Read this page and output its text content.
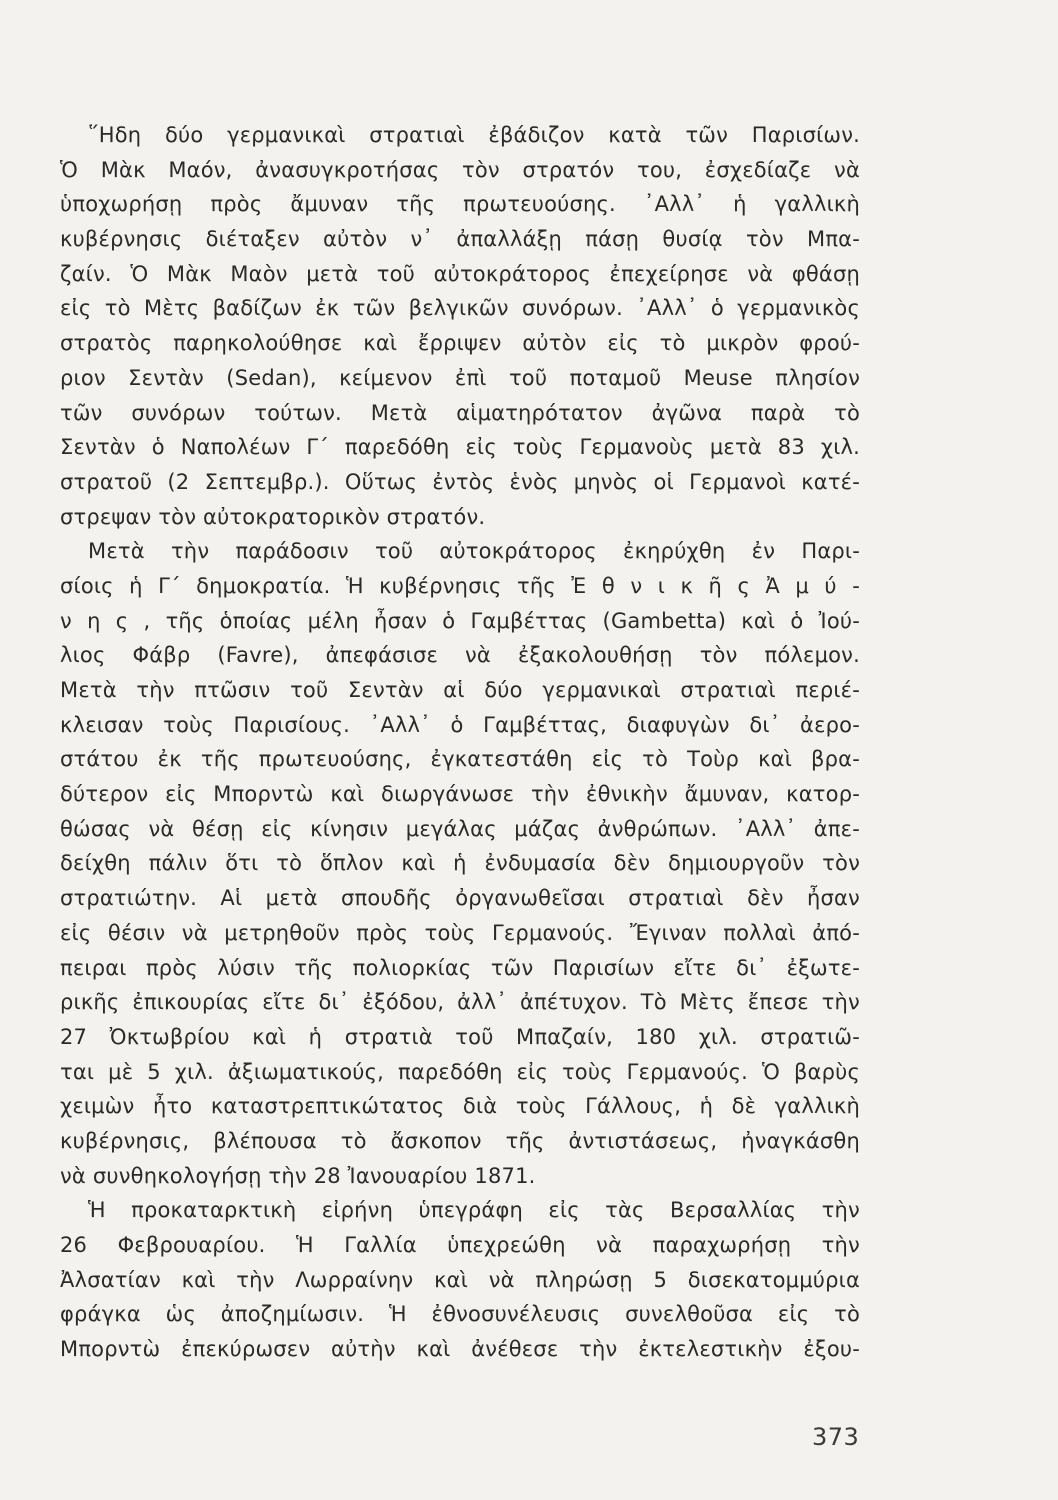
῞Ηδη δύο γερμανικαὶ στρατιαὶ ἐβάδιζον κατὰ τῶν Παρισίων.
Ὁ Μὰκ Μαόν, ἀνασυγκροτήσας τὸν στρατόν του, ἐσχεδίαζε νὰ
ὑποχωρήσῃ πρὸς ἄμυναν τῆς πρωτευούσης. ᾿Αλλ᾿ ἡ γαλλικὴ
κυβέρνησις διέταξεν αὐτὸν ν᾿ ἀπαλλάξῃ πάσῃ θυσίᾳ τὸν Μπα-
ζαίν. Ὁ Μὰκ Μαὸν μετὰ τοῦ αὐτοκράτορος ἐπεχείρησε νὰ φθάσῃ
εἰς τὸ Μὲτς βαδίζων ἐκ τῶν βελγικῶν συνόρων. ᾿Αλλ᾿ ὁ γερμανικὸς
στρατὸς παρηκολούθησε καὶ ἔρριψεν αὐτὸν εἰς τὸ μικρὸν φρού-
ριον Σεντὰν (Sedan), κείμενον ἐπὶ τοῦ ποταμοῦ Meuse πλησίον
τῶν συνόρων τούτων. Μετὰ αἱματηρότατον ἀγῶνα παρὰ τὸ
Σεντὰν ὁ Ναπολέων Γ΄ παρεδόθη εἰς τοὺς Γερμανοὺς μετὰ 83 χιλ.
στρατοῦ (2 Σεπτεμβρ.). Οὕτως ἐντὸς ἑνὸς μηνὸς οἱ Γερμανοὶ κατέ-
στρεψαν τὸν αὐτοκρατορικὸν στρατόν.
Μετὰ τὴν παράδοσιν τοῦ αὐτοκράτορος ἐκηρύχθη ἐν Παρι-
σίοις ἡ Γ΄ δημοκρατία. Ἡ κυβέρνησις τῆς Ἐ θ ν ι κ ῆ ς Ἀ μ ύ -
ν η ς , τῆς ὁποίας μέλη ἦσαν ὁ Γαμβέττας (Gambetta) καὶ ὁ Ἰού-
λιος Φάβρ (Favre), ἀπεφάσισε νὰ ἐξακολουθήσῃ τὸν πόλεμον.
Μετὰ τὴν πτῶσιν τοῦ Σεντὰν αἱ δύο γερμανικαὶ στρατιαὶ περιέ-
κλεισαν τοὺς Παρισίους. ᾿Αλλ᾿ ὁ Γαμβέττας, διαφυγὼν δι᾿ ἀερο-
στάτου ἐκ τῆς πρωτευούσης, ἐγκατεστάθη εἰς τὸ Τοὺρ καὶ βρα-
δύτερον εἰς Μπορντὼ καὶ διωργάνωσε τὴν ἐθνικὴν ἄμυναν, κατορ-
θώσας νὰ θέσῃ εἰς κίνησιν μεγάλας μάζας ἀνθρώπων. ᾿Αλλ᾿ ἀπε-
δείχθη πάλιν ὅτι τὸ ὅπλον καὶ ἡ ἐνδυμασία δὲν δημιουργοῦν τὸν
στρατιώτην. Αἱ μετὰ σπουδῆς ὀργανωθεῖσαι στρατιαὶ δὲν ἦσαν
εἰς θέσιν νὰ μετρηθοῦν πρὸς τοὺς Γερμανούς. Ἔγιναν πολλαὶ ἀπό-
πειραι πρὸς λύσιν τῆς πολιορκίας τῶν Παρισίων εἴτε δι᾿ ἐξωτε-
ρικῆς ἐπικουρίας εἴτε δι᾿ ἐξόδου, ἀλλ᾿ ἀπέτυχον. Τὸ Μὲτς ἔπεσε τὴν
27 Ὀκτωβρίου καὶ ἡ στρατιὰ τοῦ Μπαζαίν, 180 χιλ. στρατιῶ-
ται μὲ 5 χιλ. ἀξιωματικούς, παρεδόθη εἰς τοὺς Γερμανούς. Ὁ βαρὺς
χειμὼν ἦτο καταστρεπτικώτατος διὰ τοὺς Γάλλους, ἡ δὲ γαλλικὴ
κυβέρνησις, βλέπουσα τὸ ἄσκοπον τῆς ἀντιστάσεως, ἠναγκάσθη
νὰ συνθηκολογήσῃ τὴν 28 Ἰανουαρίου 1871.
Ἡ προκαταρκτικὴ εἰρήνη ὑπεγράφη εἰς τὰς Βερσαλλίας τὴν
26 Φεβρουαρίου. Ἡ Γαλλία ὑπεχρεώθη νὰ παραχωρήσῃ τὴν
Ἀλσατίαν καὶ τὴν Λωρραίνην καὶ νὰ πληρώσῃ 5 δισεκατομμύρια
φράγκα ὡς ἀποζημίωσιν. Ἡ ἐθνοσυνέλευσις συνελθοῦσα εἰς τὸ
Μπορντὼ ἐπεκύρωσεν αὐτὴν καὶ ἀνέθεσε τὴν ἐκτελεστικὴν ἐξου-
373
